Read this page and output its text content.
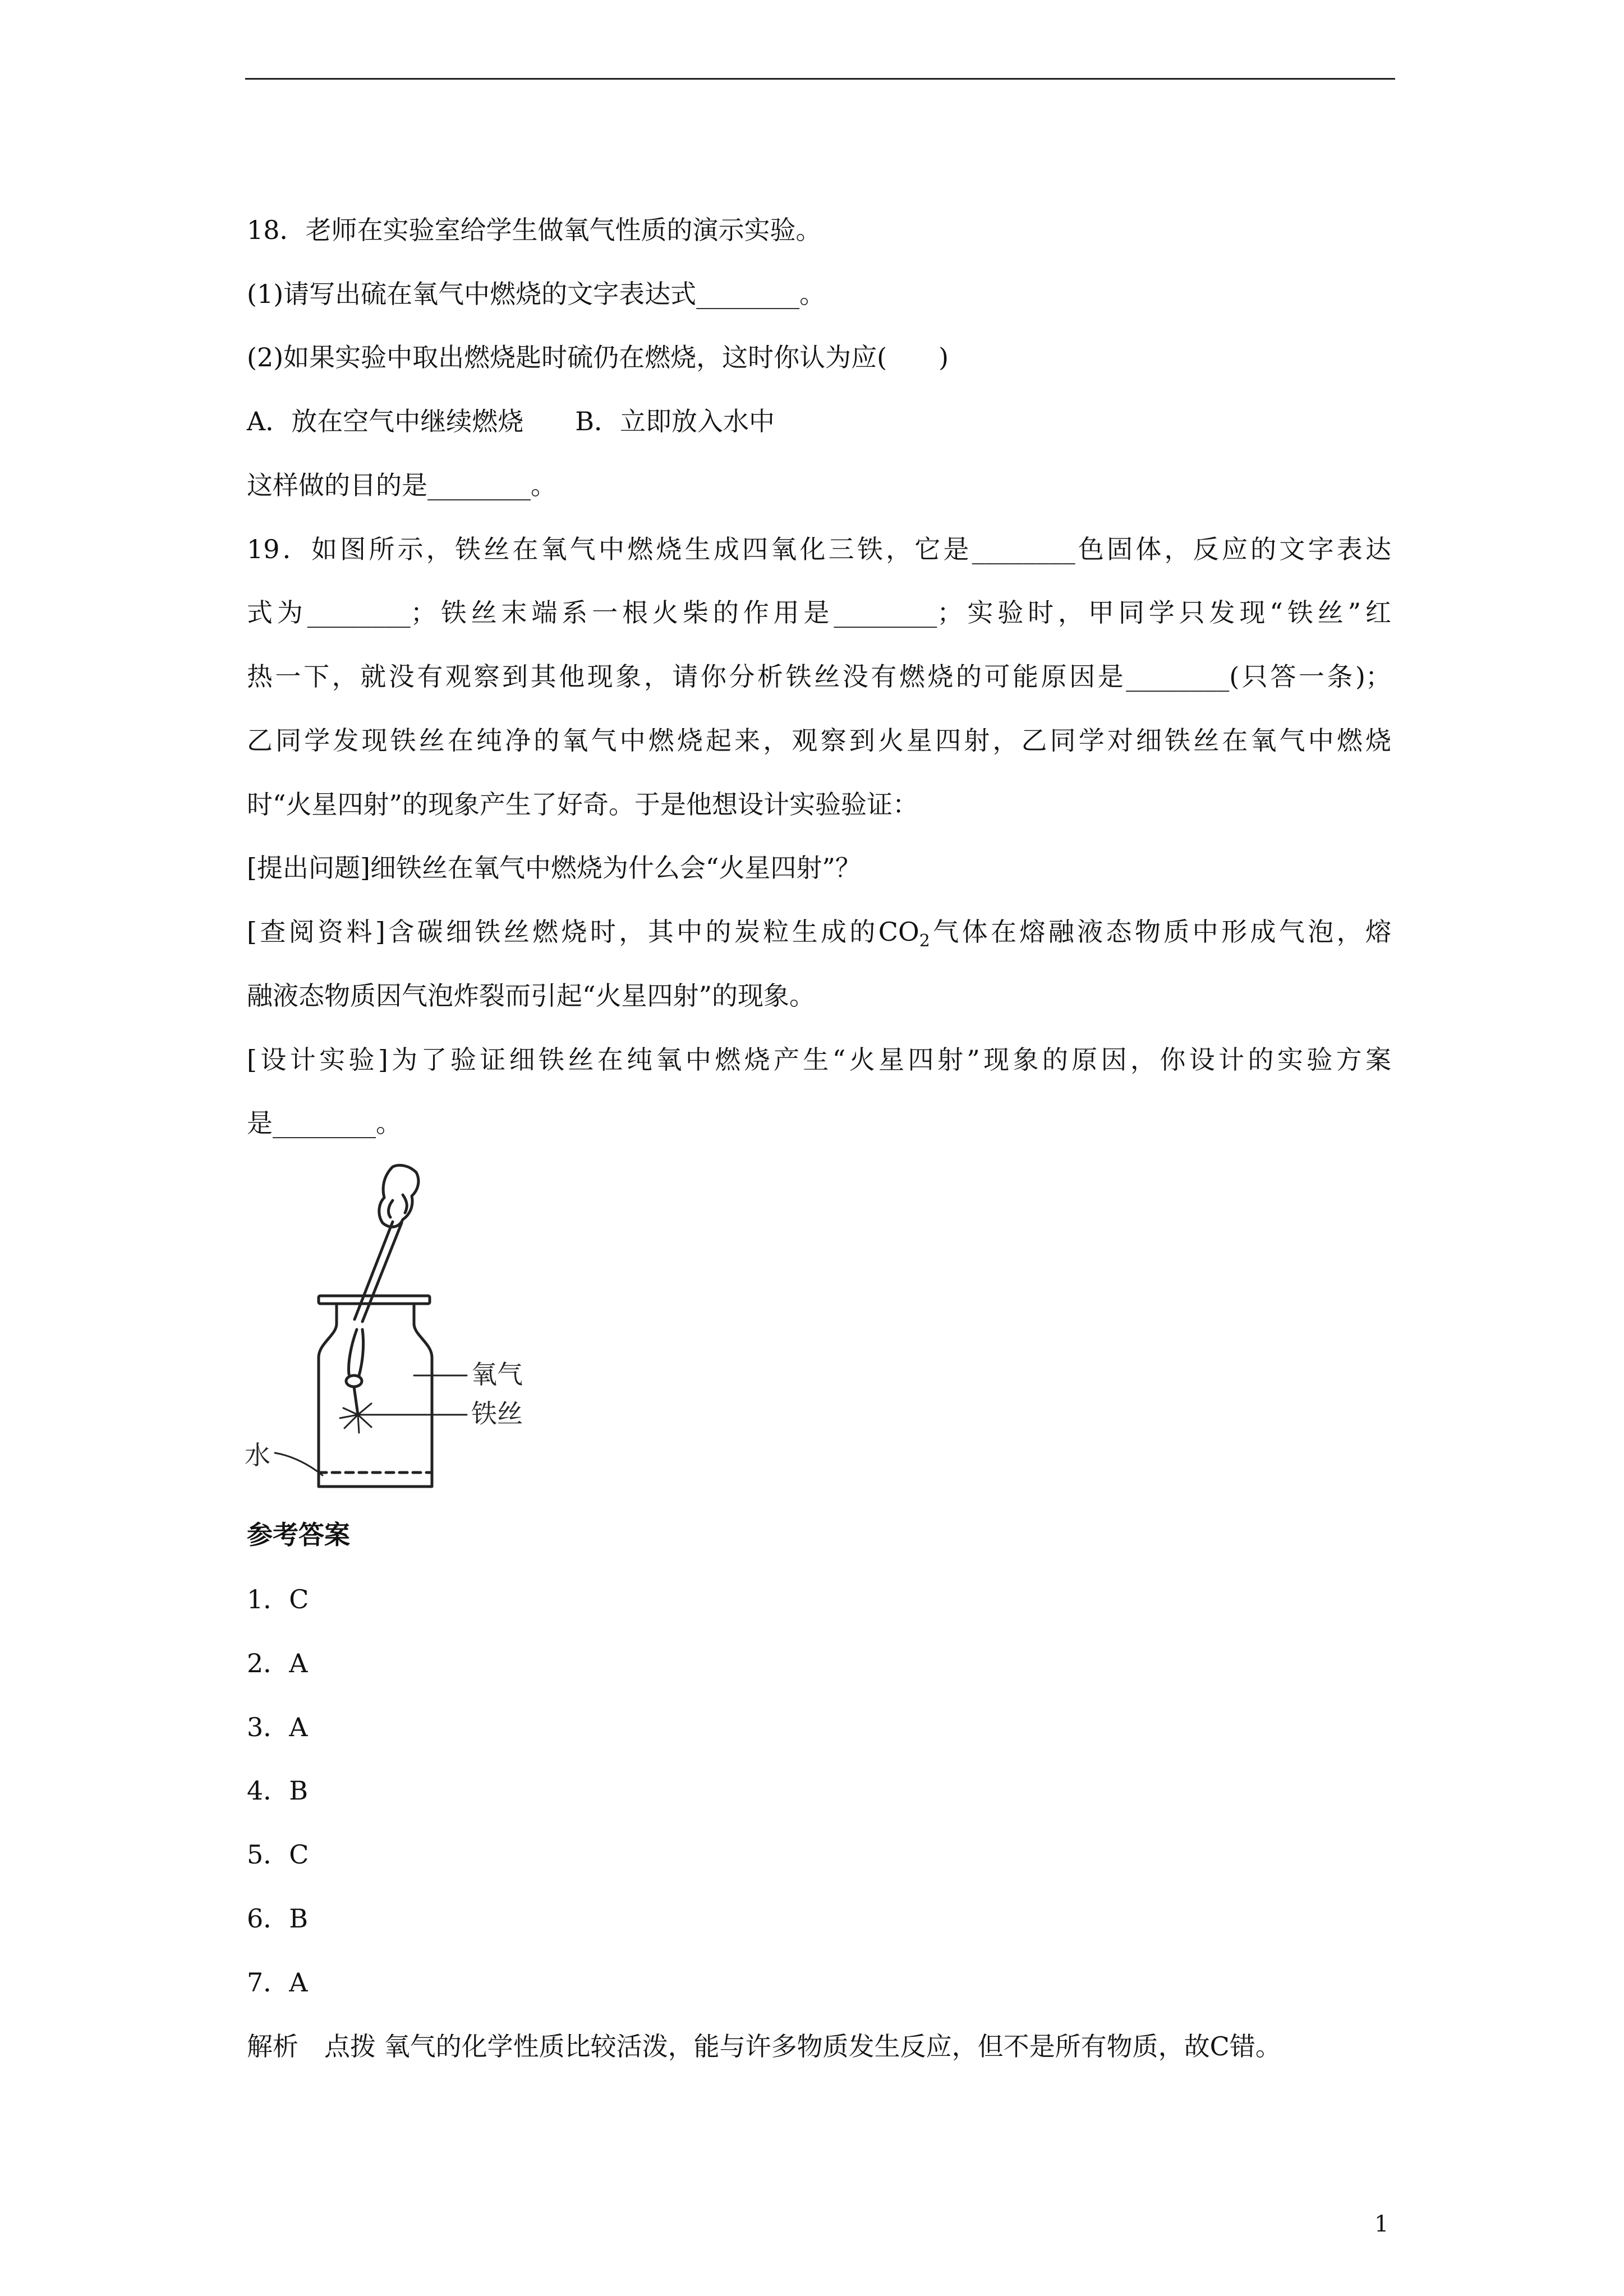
18．老师在实验室给学生做氧气性质的演示实验。
(1)请写出硫在氧气中燃烧的文字表达式________。
(2)如果实验中取出燃烧匙时硫仍在燃烧，这时你认为应(　　)
A．放在空气中继续燃烧　　B．立即放入水中
这样做的目的是________。
19．如图所示，铁丝在氧气中燃烧生成四氧化三铁，它是________色固体，反应的文字表达
式为________；铁丝末端系一根火柴的作用是________；实验时，甲同学只发现“铁丝”红
热一下，就没有观察到其他现象，请你分析铁丝没有燃烧的可能原因是________(只答一条)；
乙同学发现铁丝在纯净的氧气中燃烧起来，观察到火星四射，乙同学对细铁丝在氧气中燃烧
时“火星四射”的现象产生了好奇。于是他想设计实验验证：
[提出问题]细铁丝在氧气中燃烧为什么会“火星四射”？
[查阅资料]含碳细铁丝燃烧时，其中的炭粒生成的$CO_2$气体在熔融液态物质中形成气泡，熔
融液态物质因气泡炸裂而引起“火星四射”的现象。
[设计实验]为了验证细铁丝在纯氧中燃烧产生“火星四射”现象的原因，你设计的实验方案
是________。
氧气
铁丝
水
参考答案
1．C
2．A
3．A
4．B
5．C
6．B
7．A
解析　点拨 氧气的化学性质比较活泼，能与许多物质发生反应，但不是所有物质，故C错。
1
